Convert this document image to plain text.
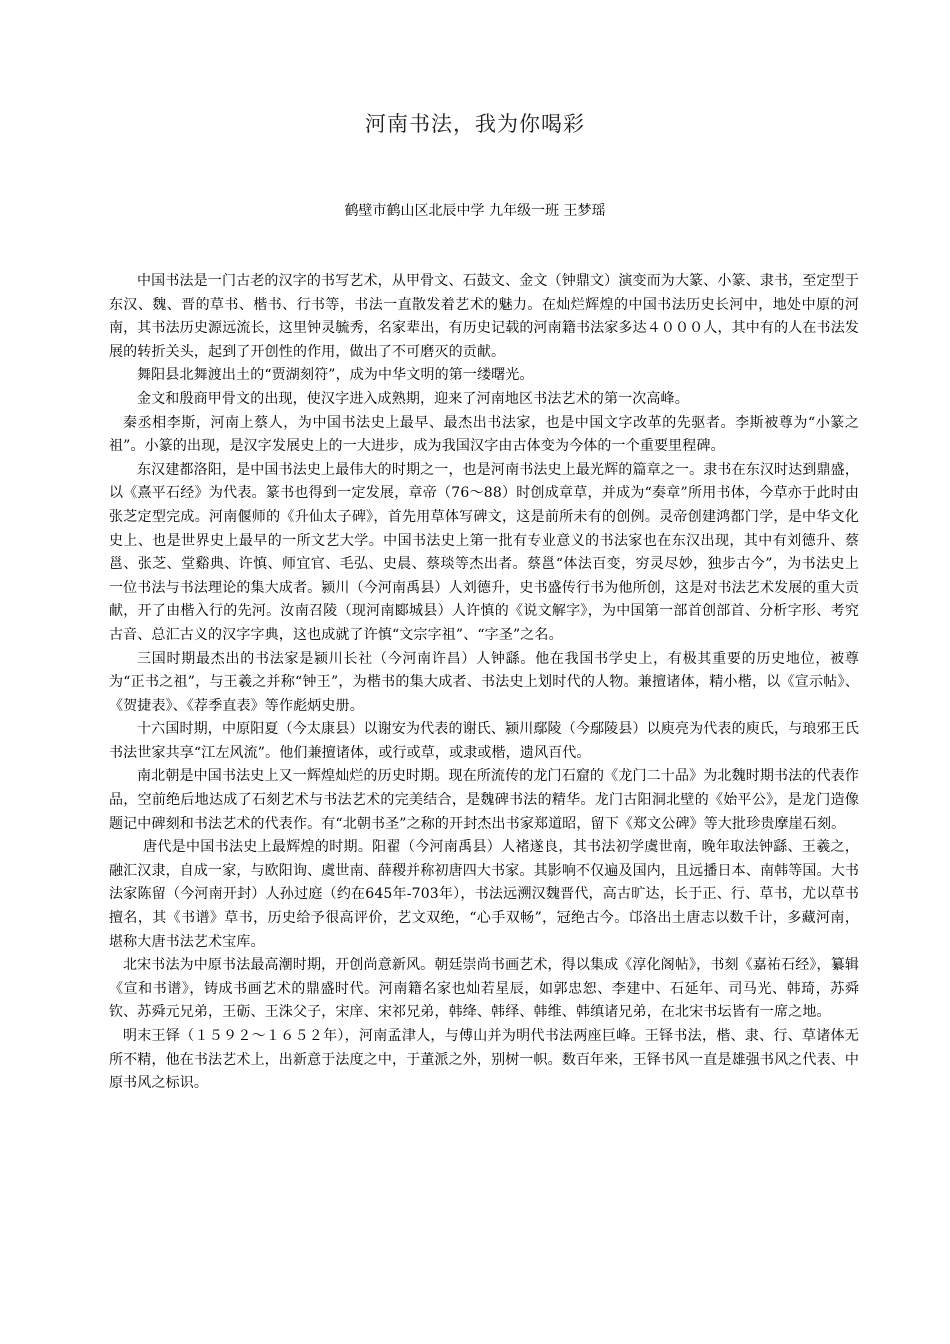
河南书法，我为你喝彩
鹤壁市鹤山区北辰中学 九年级一班 王梦瑶

中国书法是一门古老的汉字的书写艺术，从甲骨文、石鼓文、金文（钟鼎文）演变而为大篆、小篆、隶书，至定型于东汉、魏、晋的草书、楷书、行书等，书法一直散发着艺术的魅力。在灿烂辉煌的中国书法历史长河中，地处中原的河南，其书法历史源远流长，这里钟灵毓秀，名家辈出，有历史记载的河南籍书法家多达４０００人，其中有的人在书法发展的转折关头，起到了开创性的作用，做出了不可磨灭的贡献。

舞阳县北舞渡出土的“贾湖刻符”，成为中华文明的第一缕曙光。

金文和殷商甲骨文的出现，使汉字进入成熟期，迎来了河南地区书法艺术的第一次高峰。

秦丞相李斯，河南上蔡人，为中国书法史上最早、最杰出书法家，也是中国文字改革的先驱者。李斯被尊为“小篆之祖”。小篆的出现，是汉字发展史上的一大进步，成为我国汉字由古体变为今体的一个重要里程碑。

东汉建都洛阳，是中国书法史上最伟大的时期之一，也是河南书法史上最光辉的篇章之一。隶书在东汉时达到鼎盛，以《熹平石经》为代表。篆书也得到一定发展，章帝（76～88）时创成章草，并成为“奏章”所用书体，今草亦于此时由张芝定型完成。河南偃师的《升仙太子碑》，首先用草体写碑文，这是前所未有的创例。灵帝创建鸿都门学，是中华文化史上、也是世界史上最早的一所文艺大学。中国书法史上第一批有专业意义的书法家也在东汉出现，其中有刘德升、蔡邕、张芝、堂谿典、许慎、师宜官、毛弘、史晨、蔡琰等杰出者。蔡邕“体法百变，穷灵尽妙，独步古今”，为书法史上一位书法与书法理论的集大成者。颍川（今河南禹县）人刘德升，史书盛传行书为他所创，这是对书法艺术发展的重大贡献，开了由楷入行的先河。汝南召陵（现河南郾城县）人许慎的《说文解字》，为中国第一部首创部首、分析字形、考究古音、总汇古义的汉字字典，这也成就了许慎“文宗字祖”、“字圣”之名。

三国时期最杰出的书法家是颍川长社（今河南许昌）人钟繇。他在我国书学史上，有极其重要的历史地位，被尊为“正书之祖”，与王羲之并称“钟王”，为楷书的集大成者、书法史上划时代的人物。兼擅诸体，精小楷，以《宣示帖》、《贺捷表》、《荐季直表》等作彪炳史册。

十六国时期，中原阳夏（今太康县）以谢安为代表的谢氏、颍川鄢陵（今鄢陵县）以庾亮为代表的庾氏，与琅邪王氏书法世家共享“江左风流”。他们兼擅诸体，或行或草，或隶或楷，遗风百代。

南北朝是中国书法史上又一辉煌灿烂的历史时期。现在所流传的龙门石窟的《龙门二十品》为北魏时期书法的代表作品，空前绝后地达成了石刻艺术与书法艺术的完美结合，是魏碑书法的精华。龙门古阳洞北壁的《始平公》，是龙门造像题记中碑刻和书法艺术的代表作。有“北朝书圣”之称的开封杰出书家郑道昭，留下《郑文公碑》等大批珍贵摩崖石刻。

唐代是中国书法史上最辉煌的时期。阳翟（今河南禹县）人褚遂良，其书法初学虞世南，晚年取法钟繇、王羲之，融汇汉隶，自成一家，与欧阳询、虞世南、薛稷并称初唐四大书家。其影响不仅遍及国内，且远播日本、南韩等国。大书法家陈留（今河南开封）人孙过庭（约在645年-703年），书法远溯汉魏晋代，高古旷达，长于正、行、草书，尤以草书擅名，其《书谱》草书，历史给予很高评价，艺文双绝，“心手双畅”，冠绝古今。邙洛出土唐志以数千计，多藏河南，堪称大唐书法艺术宝库。

北宋书法为中原书法最高潮时期，开创尚意新风。朝廷崇尚书画艺术，得以集成《淳化阁帖》，书刻《嘉祐石经》，纂辑《宣和书谱》，铸成书画艺术的鼎盛时代。河南籍名家也灿若星辰，如郭忠恕、李建中、石延年、司马光、韩琦，苏舜钦、苏舜元兄弟，王砺、王洙父子，宋庠、宋祁兄弟，韩绛、韩绎、韩维、韩缜诸兄弟，在北宋书坛皆有一席之地。

明末王铎（１５９２～１６５２年），河南孟津人，与傅山并为明代书法两座巨峰。王铎书法，楷、隶、行、草诸体无所不精，他在书法艺术上，出新意于法度之中，于董派之外，别树一帜。数百年来，王铎书风一直是雄强书风之代表、中原书风之标识。
